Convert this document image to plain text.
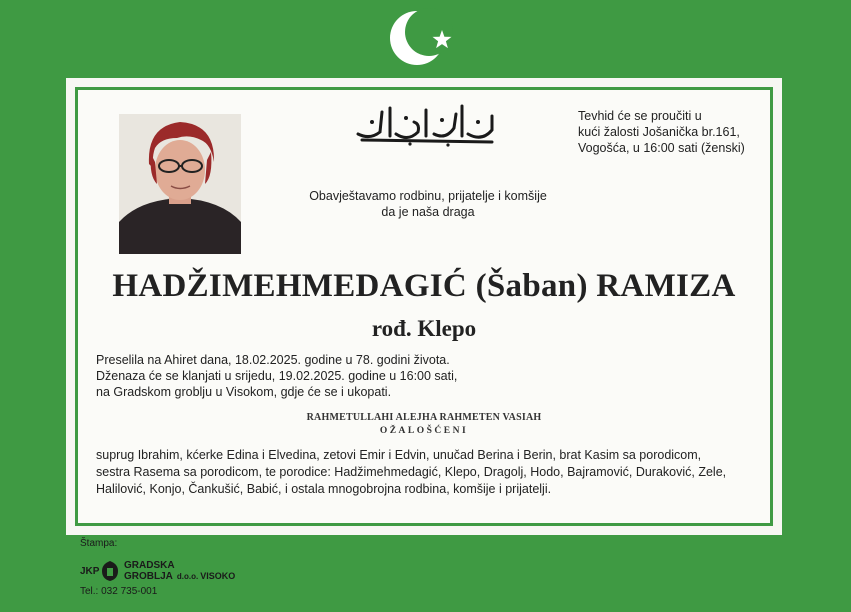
Tevhid će se proučiti u
kući žalosti Jošanička br.161,
Vogošća, u 16:00 sati (ženski)
Obavještavamo rodbinu, prijatelje i komšije
da je naša draga
HADŽIMEHMEDAGIĆ (Šaban) RAMIZA
rođ. Klepo
Preselila na Ahiret dana, 18.02.2025. godine u 78. godini života.
Dženaza će se klanjati u srijedu, 19.02.2025. godine u 16:00 sati,
na Gradskom groblju u Visokom, gdje će se i ukopati.
RAHMETULLAHI ALEJHA RAHMETEN VASIAH
OŽALOŠĆENI
suprug Ibrahim, kćerke Edina i Elvedina, zetovi Emir i Edvin, unučad Berina i Berin, brat Kasim sa porodicom,
sestra Rasema sa porodicom, te porodice: Hadžimehmedagić, Klepo, Dragolj, Hodo, Bajramović, Duraković, Zele,
Halilović, Konjo, Čankušić, Babić, i ostala mnogobrojna rodbina, komšije i prijatelji.
Štampa:
JKP
GRADSKA
GROBLJA d.o.o. VISOKO
Tel.: 032 735-001
